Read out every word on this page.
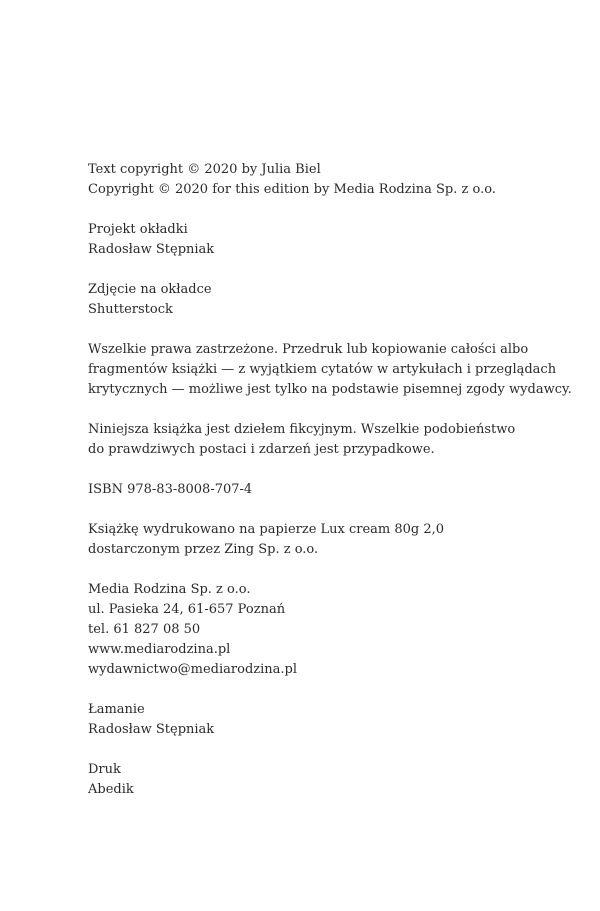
Text copyright © 2020 by Julia Biel
Copyright © 2020 for this edition by Media Rodzina Sp. z o.o.
Projekt okładki
Radosław Stępniak
Zdjęcie na okładce
Shutterstock
Wszelkie prawa zastrzeżone. Przedruk lub kopiowanie całości albo
fragmentów książki — z wyjątkiem cytatów w artykułach i przeglądach
krytycznych — możliwe jest tylko na podstawie pisemnej zgody wydawcy.
Niniejsza książka jest dziełem fikcyjnym. Wszelkie podobieństwo
do prawdziwych postaci i zdarzeń jest przypadkowe.
ISBN 978-83-8008-707-4
Książkę wydrukowano na papierze Lux cream 80g 2,0
dostarczonym przez Zing Sp. z o.o.
Media Rodzina Sp. z o.o.
ul. Pasieka 24, 61-657 Poznań
tel. 61 827 08 50
www.mediarodzina.pl
wydawnictwo@mediarodzina.pl
Łamanie
Radosław Stępniak
Druk
Abedik
